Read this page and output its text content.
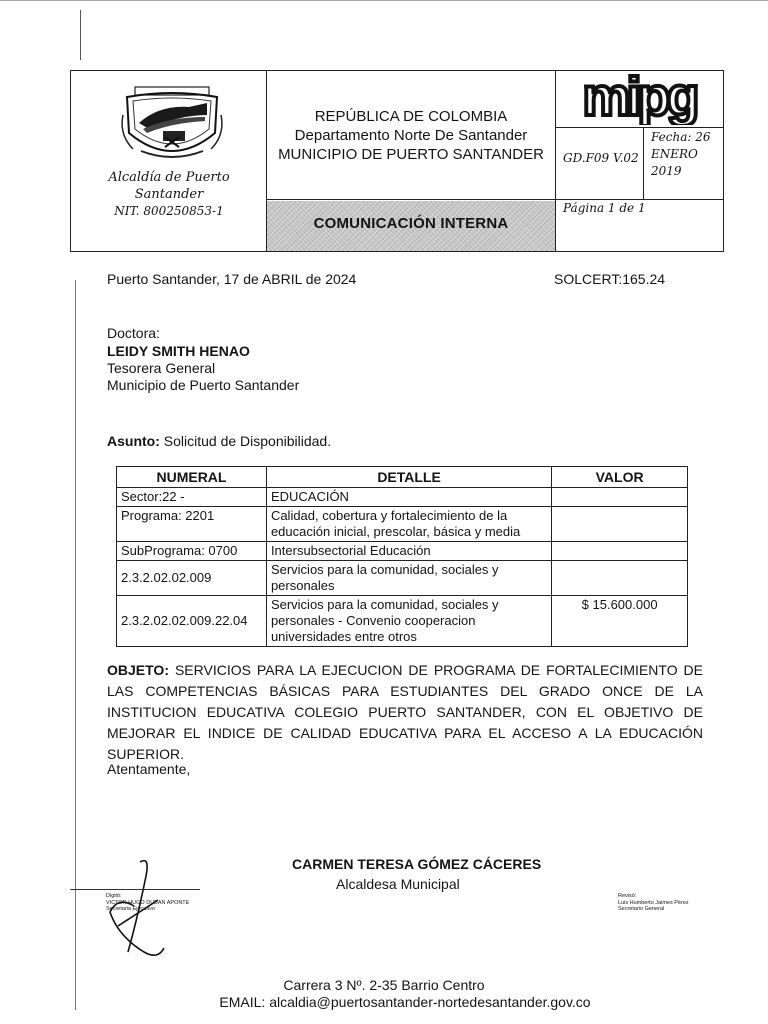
Alcaldía de Puerto Santander
NIT. 800250853-1
REPÚBLICA DE COLOMBIA
Departamento Norte De Santander
MUNICIPIO DE PUERTO SANTANDER
mipg
Fecha: 26
ENERO
2019
GD.F09 V.02
Página 1 de 1
COMUNICACIÓN INTERNA
Puerto Santander, 17 de ABRIL de 2024	SOLCERT:165.24
Doctora:
LEIDY SMITH HENAO
Tesorera General
Municipio de Puerto Santander
Asunto: Solicitud de Disponibilidad.
NUMERAL	DETALLE	VALOR
Sector:22 -	EDUCACIÓN	
Programa: 2201	Calidad, cobertura y fortalecimiento de la educación inicial, prescolar, básica y media	
SubPrograma: 0700	Intersubsectorial Educación	
2.3.2.02.02.009	Servicios para la comunidad, sociales y personales	
2.3.2.02.02.009.22.04	Servicios para la comunidad, sociales y personales - Convenio cooperacion universidades entre otros	$ 15.600.000
OBJETO: SERVICIOS PARA LA EJECUCION DE PROGRAMA DE FORTALECIMIENTO DE LAS COMPETENCIAS BÁSICAS PARA ESTUDIANTES DEL GRADO ONCE DE LA INSTITUCION EDUCATIVA COLEGIO PUERTO SANTANDER, CON EL OBJETIVO DE MEJORAR EL INDICE DE CALIDAD EDUCATIVA PARA EL ACCESO A LA EDUCACIÓN SUPERIOR.
Atentamente,
CARMEN TERESA GÓMEZ CÁCERES
Alcaldesa Municipal
Digitó:
VICTOR HUGO DUBAN APONTE
Secretaria Ejecutivo
Revisó:
Luis Humberto Jaimes Pérez
Secretario General
Carrera 3 Nº. 2-35 Barrio Centro
EMAIL: alcaldia@puertosantander-nortedesantander.gov.co
